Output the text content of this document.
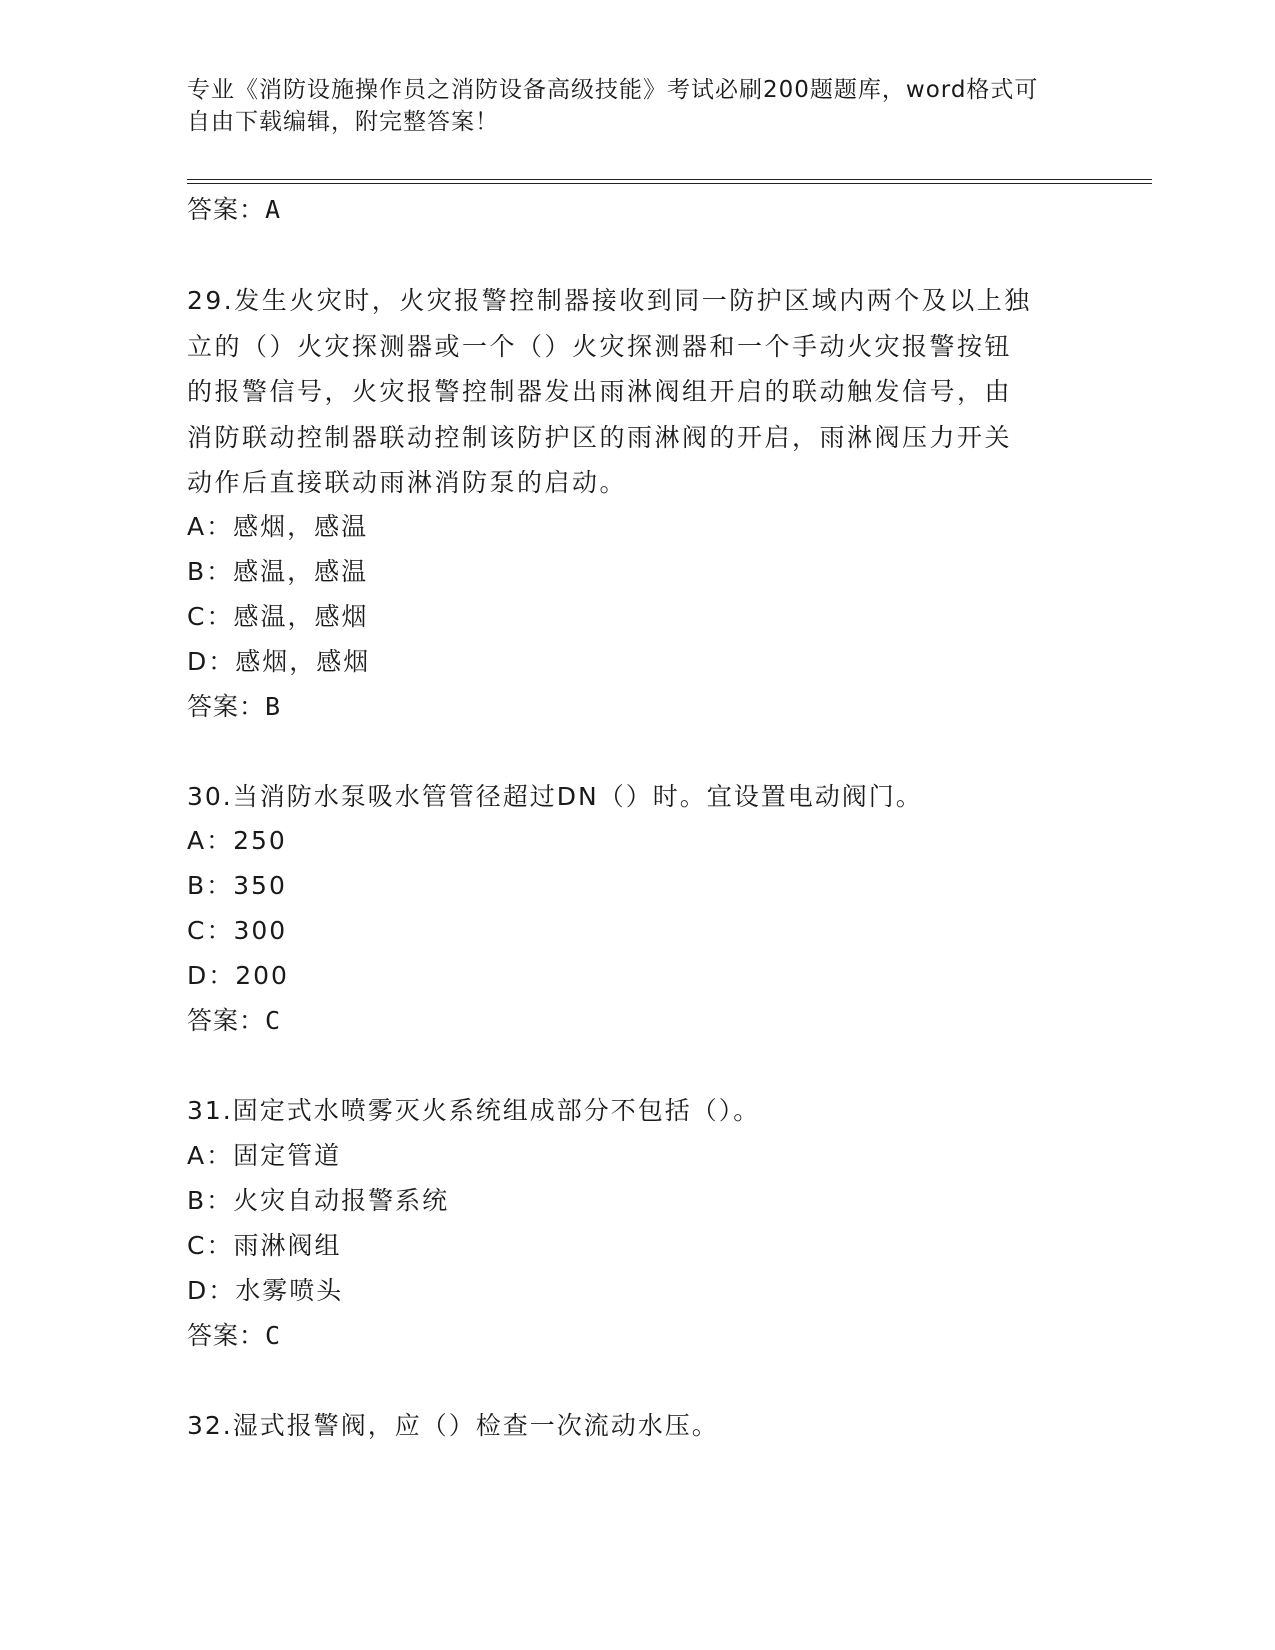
专业《消防设施操作员之消防设备高级技能》考试必刷200题题库，word格式可
自由下载编辑，附完整答案！
答案：A
29.发生火灾时，火灾报警控制器接收到同一防护区域内两个及以上独
立的（）火灾探测器或一个（）火灾探测器和一个手动火灾报警按钮
的报警信号，火灾报警控制器发出雨淋阀组开启的联动触发信号，由
消防联动控制器联动控制该防护区的雨淋阀的开启，雨淋阀压力开关
动作后直接联动雨淋消防泵的启动。
A：感烟，感温
B：感温，感温
C：感温，感烟
D：感烟，感烟
答案：B
30.当消防水泵吸水管管径超过DN（）时。宜设置电动阀门。
A：250
B：350
C：300
D：200
答案：C
31.固定式水喷雾灭火系统组成部分不包括（）。
A：固定管道
B：火灾自动报警系统
C：雨淋阀组
D：水雾喷头
答案：C
32.湿式报警阀，应（）检查一次流动水压。
